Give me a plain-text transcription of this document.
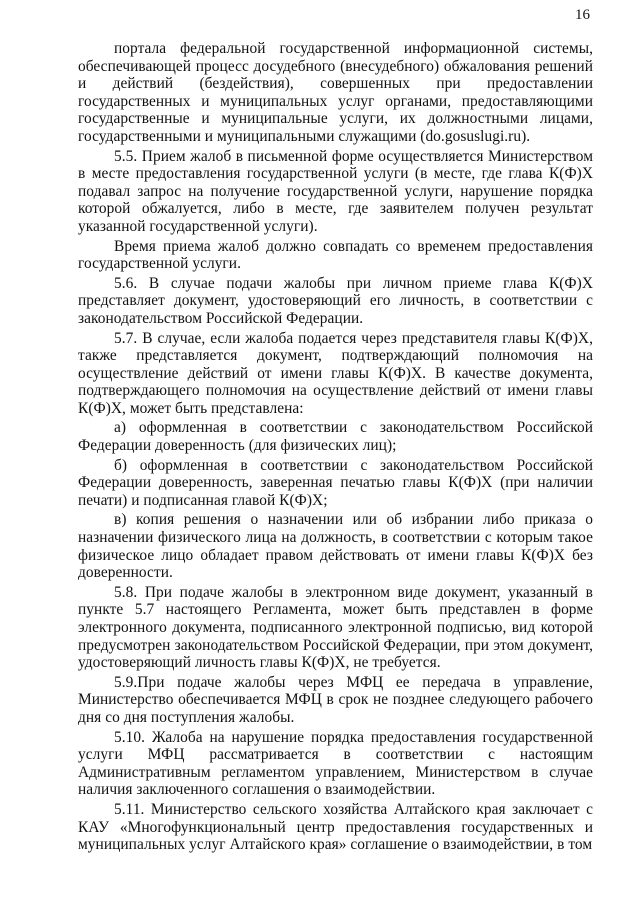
16

портала федеральной государственной информационной системы, обеспечивающей процесс досудебного (внесудебного) обжалования решений и действий (бездействия), совершенных при предоставлении государственных и муниципальных услуг органами, предоставляющими государственные и муниципальные услуги, их должностными лицами, государственными и муниципальными служащими (do.gosuslugi.ru).

5.5. Прием жалоб в письменной форме осуществляется Министерством в месте предоставления государственной услуги (в месте, где глава К(Ф)Х подавал запрос на получение государственной услуги, нарушение порядка которой обжалуется, либо в месте, где заявителем получен результат указанной государственной услуги).

Время приема жалоб должно совпадать со временем предоставления государственной услуги.

5.6. В случае подачи жалобы при личном приеме глава К(Ф)Х представляет документ, удостоверяющий его личность, в соответствии с законодательством Российской Федерации.

5.7. В случае, если жалоба подается через представителя главы К(Ф)Х, также представляется документ, подтверждающий полномочия на осуществление действий от имени главы К(Ф)Х. В качестве документа, подтверждающего полномочия на осуществление действий от имени главы К(Ф)Х, может быть представлена:

а) оформленная в соответствии с законодательством Российской Федерации доверенность (для физических лиц);

б) оформленная в соответствии с законодательством Российской Федерации доверенность, заверенная печатью главы К(Ф)Х (при наличии печати) и подписанная главой К(Ф)Х;

в) копия решения о назначении или об избрании либо приказа о назначении физического лица на должность, в соответствии с которым такое физическое лицо обладает правом действовать от имени главы К(Ф)Х без доверенности.

5.8. При подаче жалобы в электронном виде документ, указанный в пункте 5.7 настоящего Регламента, может быть представлен в форме электронного документа, подписанного электронной подписью, вид которой предусмотрен законодательством Российской Федерации, при этом документ, удостоверяющий личность главы К(Ф)Х, не требуется.

5.9.При подаче жалобы через МФЦ ее передача в управление, Министерство обеспечивается МФЦ в срок не позднее следующего рабочего дня со дня поступления жалобы.

5.10. Жалоба на нарушение порядка предоставления государственной услуги МФЦ рассматривается в соответствии с настоящим Административным регламентом управлением, Министерством в случае наличия заключенного соглашения о взаимодействии.

5.11. Министерство сельского хозяйства Алтайского края заключает с КАУ «Многофункциональный центр предоставления государственных и муниципальных услуг Алтайского края» соглашение о взаимодействии, в том
